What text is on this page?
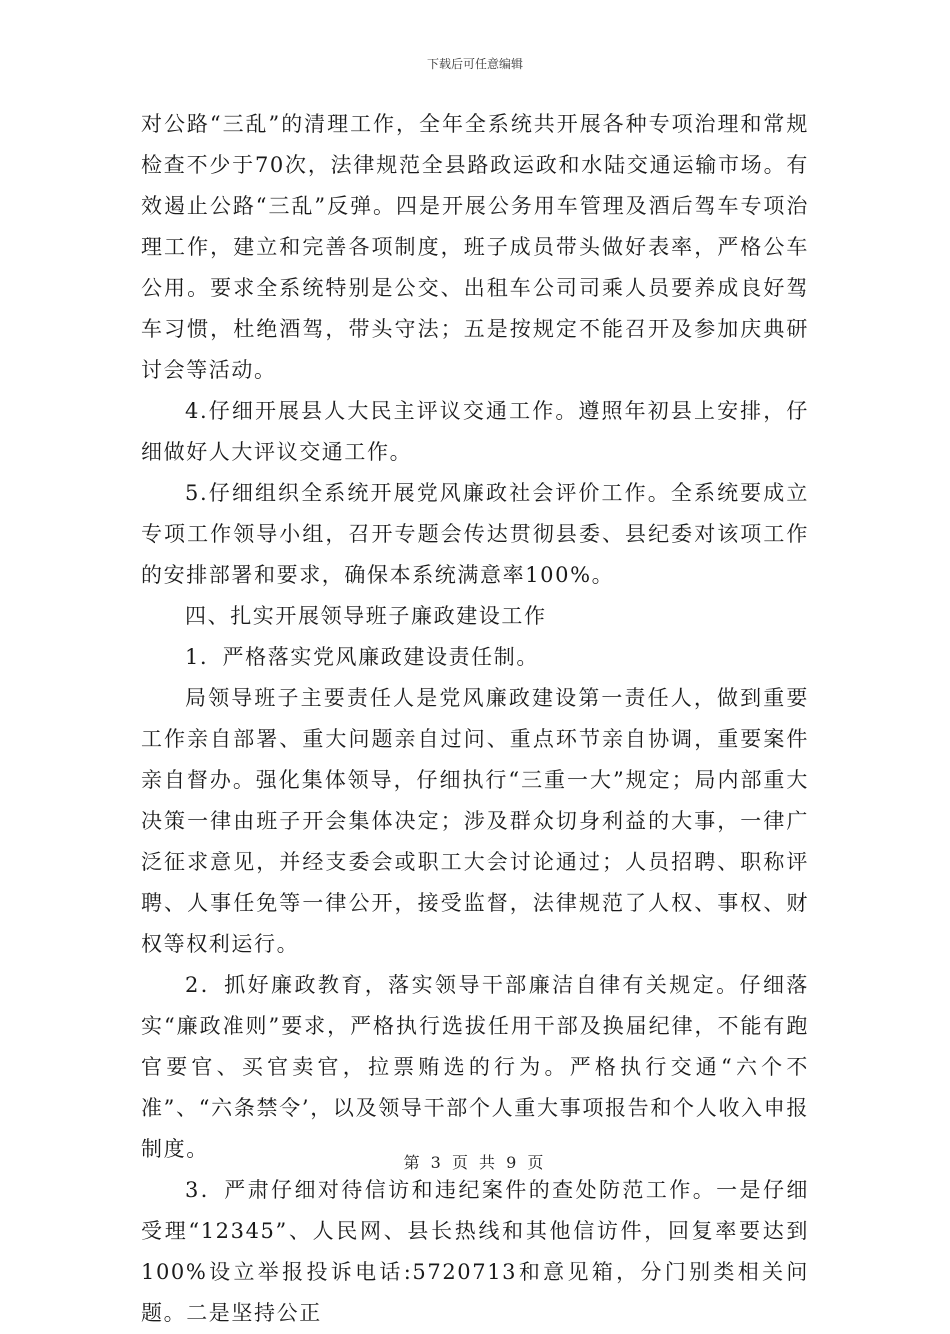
下载后可任意编辑

对公路“三乱”的清理工作，全年全系统共开展各种专项治理和常规检查不少于70次，法律规范全县路政运政和水陆交通运输市场。有效遏止公路“三乱”反弹。四是开展公务用车管理及酒后驾车专项治理工作，建立和完善各项制度，班子成员带头做好表率，严格公车公用。要求全系统特别是公交、出租车公司司乘人员要养成良好驾车习惯，杜绝酒驾，带头守法；五是按规定不能召开及参加庆典研讨会等活动。

4.仔细开展县人大民主评议交通工作。遵照年初县上安排，仔细做好人大评议交通工作。

5.仔细组织全系统开展党风廉政社会评价工作。全系统要成立专项工作领导小组，召开专题会传达贯彻县委、县纪委对该项工作的安排部署和要求，确保本系统满意率100%。

四、扎实开展领导班子廉政建设工作

1．严格落实党风廉政建设责任制。

局领导班子主要责任人是党风廉政建设第一责任人，做到重要工作亲自部署、重大问题亲自过问、重点环节亲自协调，重要案件亲自督办。强化集体领导，仔细执行“三重一大”规定；局内部重大决策一律由班子开会集体决定；涉及群众切身利益的大事，一律广泛征求意见，并经支委会或职工大会讨论通过；人员招聘、职称评聘、人事任免等一律公开，接受监督，法律规范了人权、事权、财权等权利运行。

2．抓好廉政教育，落实领导干部廉洁自律有关规定。仔细落实“廉政准则”要求，严格执行选拔任用干部及换届纪律，不能有跑官要官、买官卖官，拉票贿选的行为。严格执行交通“六个不准”、“六条禁令’，以及领导干部个人重大事项报告和个人收入申报制度。

3．严肃仔细对待信访和违纪案件的查处防范工作。一是仔细受理“12345”、人民网、县长热线和其他信访件，回复率要达到100%设立举报投诉电话:5720713和意见箱，分门别类相关问题。二是坚持公正

第 3 页 共 9 页
